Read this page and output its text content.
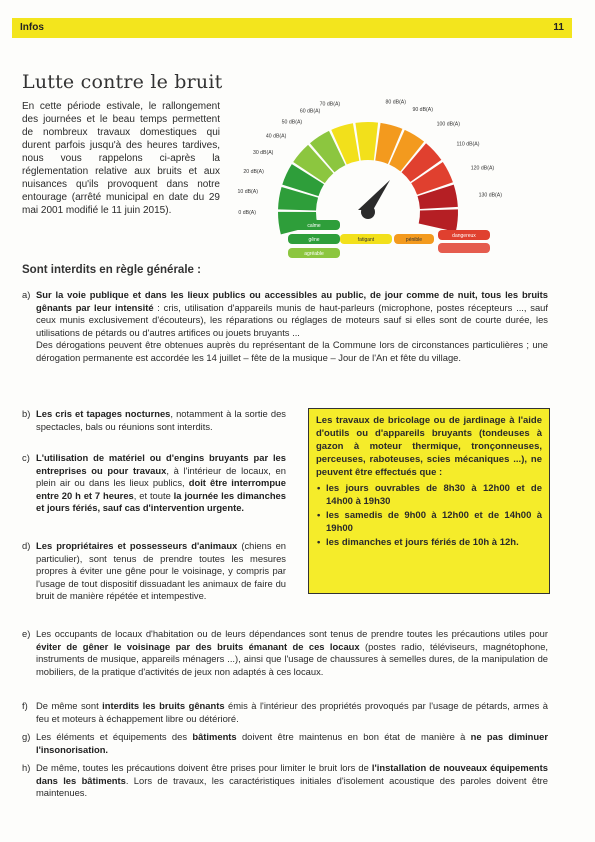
Infos	11
Lutte contre le bruit
En cette période estivale, le rallongement des journées et le beau temps permettent de nombreux travaux domestiques qui durent parfois jusqu'à des heures tardives, nous vous rappelons ci-après la réglementation relative aux bruits et aux nuisances qu'ils provoquent dans notre entourage (arrêté municipal en date du 29 mai 2001 modifié le 11 juin 2015).	0 dB(A)
10 dB(A)
20 dB(A)
30 dB(A)
40 dB(A)
50 dB(A)
60 dB(A)
70 dB(A)	80 dB(A)
90 dB(A)
100 dB(A)
110 dB(A)
120 dB(A)
130 dB(A)
calme
gêne
agréable
fatigant	pénible
dangereux
Sont interdits en règle générale :
a) Sur la voie publique et dans les lieux publics ou accessibles au public, de jour comme de nuit, tous les bruits gênants par leur intensité : cris, utilisation d'appareils munis de haut-parleurs (microphone, postes récepteurs ..., sauf ceux munis exclusivement d'écouteurs), les réparations ou réglages de moteurs sauf si elles sont de courte durée, les utilisations de pétards ou d'autres artifices ou jouets bruyants ...
Des dérogations peuvent être obtenues auprès du représentant de la Commune lors de circonstances particulières ; une dérogation permanente est accordée les 14 juillet – fête de la musique – Jour de l'An et fête du village.
b) Les cris et tapages nocturnes, notamment à la sortie des spectacles, bals ou réunions sont interdits.
c) L'utilisation de matériel ou d'engins bruyants par les entreprises ou pour travaux, à l'intérieur de locaux, en plein air ou dans les lieux publics, doit être interrompue entre 20 h et 7 heures, et toute la journée les dimanches et jours fériés, sauf cas d'intervention urgente.
d) Les propriétaires et possesseurs d'animaux (chiens en particulier), sont tenus de prendre toutes les mesures propres à éviter une gêne pour le voisinage, y compris par l'usage de tout dispositif dissuadant les animaux de faire du bruit de manière répétée et intempestive.
e) Les occupants de locaux d'habitation ou de leurs dépendances sont tenus de prendre toutes les précautions utiles pour éviter de gêner le voisinage par des bruits émanant de ces locaux (postes radio, téléviseurs, magnétophone, instruments de musique, appareils ménagers ...), ainsi que l'usage de chaussures à semelles dures, de la manipulation de mobiliers, de la pratique d'activités de jeux non adaptés à ces locaux.
f) De même sont interdits les bruits gênants émis à l'intérieur des propriétés provoqués par l'usage de pétards, armes à feu et moteurs à échappement libre ou détérioré.
g) Les éléments et équipements des bâtiments doivent être maintenus en bon état de manière à ne pas diminuer l'insonorisation.
h) De même, toutes les précautions doivent être prises pour limiter le bruit lors de l'installation de nouveaux équipements dans les bâtiments. Lors de travaux, les caractéristiques initiales d'isolement acoustique des paroles doivent être maintenues.
Les travaux de bricolage ou de jardinage à l'aide d'outils ou d'appareils bruyants (tondeuses à gazon à moteur thermique, tronçonneuses, perceuses, raboteuses, scies mécaniques ...), ne peuvent être effectués que :
• les jours ouvrables de 8h30 à 12h00 et de 14h00 à 19h30
• les samedis de 9h00 à 12h00 et de 14h00 à 19h00
• les dimanches et jours fériés de 10h à 12h.
